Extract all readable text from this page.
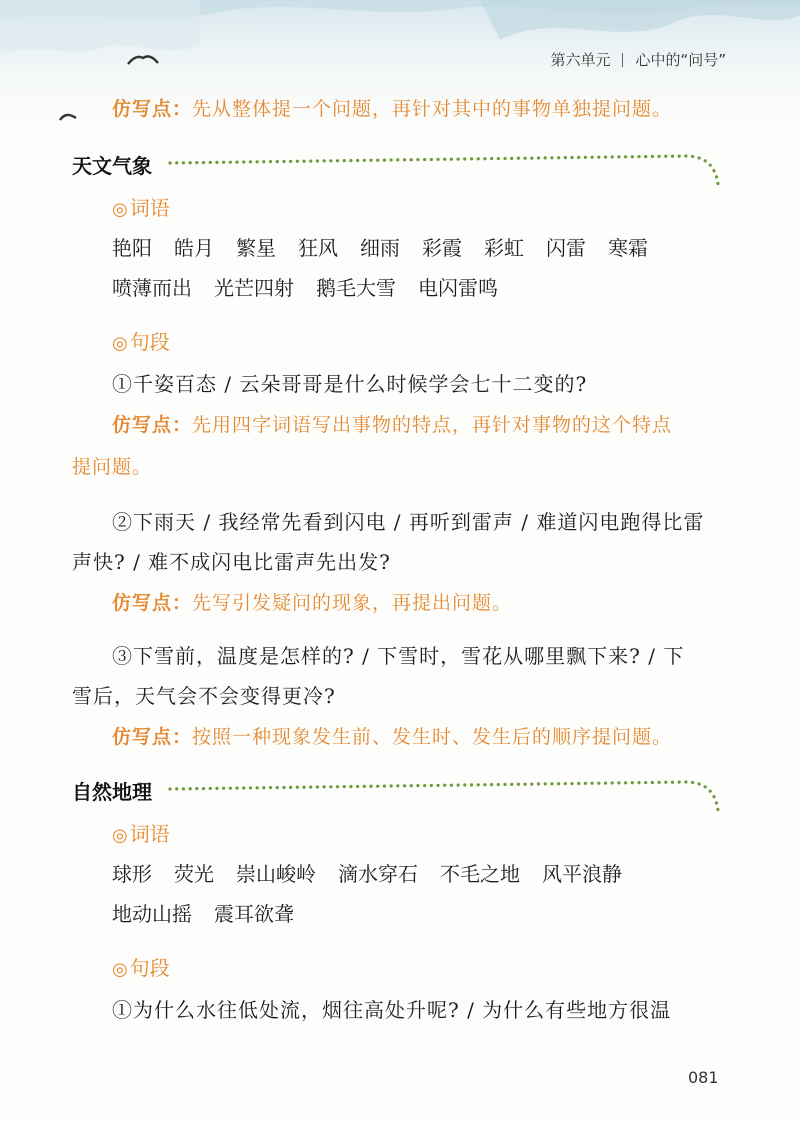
第六单元 心中的“问号”
仿写点：先从整体提一个问题，再针对其中的事物单独提问题。
天文气象
◎ 词语
艳阳 皓月 繁星 狂风 细雨 彩霞 彩虹 闪雷 寒霜
喷薄而出 光芒四射 鹅毛大雪 电闪雷鸣
◎ 句段
①千姿百态 / 云朵哥哥是什么时候学会七十二变的?
仿写点：先用四字词语写出事物的特点，再针对事物的这个特点
提问题。
②下雨天 / 我经常先看到闪电 / 再听到雷声 / 难道闪电跑得比雷
声快? / 难不成闪电比雷声先出发?
仿写点：先写引发疑问的现象，再提出问题。
③下雪前，温度是怎样的? / 下雪时，雪花从哪里飘下来? / 下
雪后，天气会不会变得更冷?
仿写点：按照一种现象发生前、发生时、发生后的顺序提问题。
自然地理
◎ 词语
球形 荧光 崇山峻岭 滴水穿石 不毛之地 风平浪静
地动山摇 震耳欲聋
◎ 句段
①为什么水往低处流，烟往高处升呢? / 为什么有些地方很温
081
